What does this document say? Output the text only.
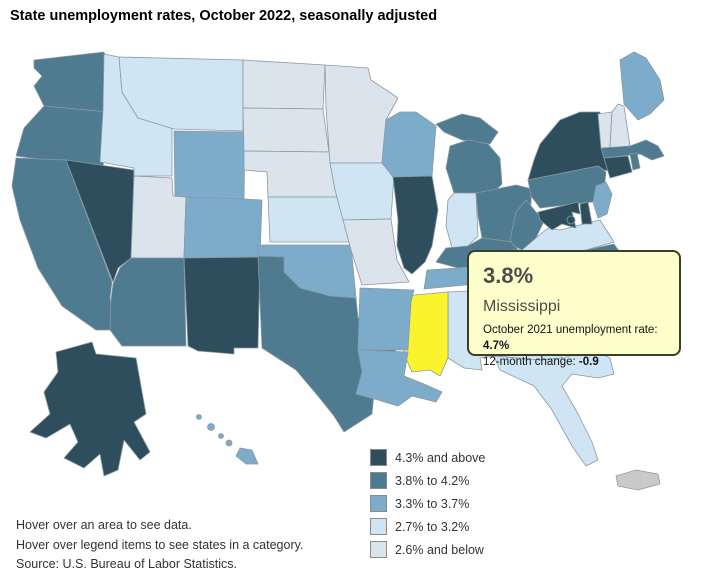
State unemployment rates, October 2022, seasonally adjusted
3.8%
Mississippi
October 2021 unemployment rate: 4.7%
12-month change: -0.9
4.3% and above
3.8% to 4.2%
3.3% to 3.7%
2.7% to 3.2%
2.6% and below
Hover over an area to see data.
Hover over legend items to see states in a category.
Source: U.S. Bureau of Labor Statistics.
